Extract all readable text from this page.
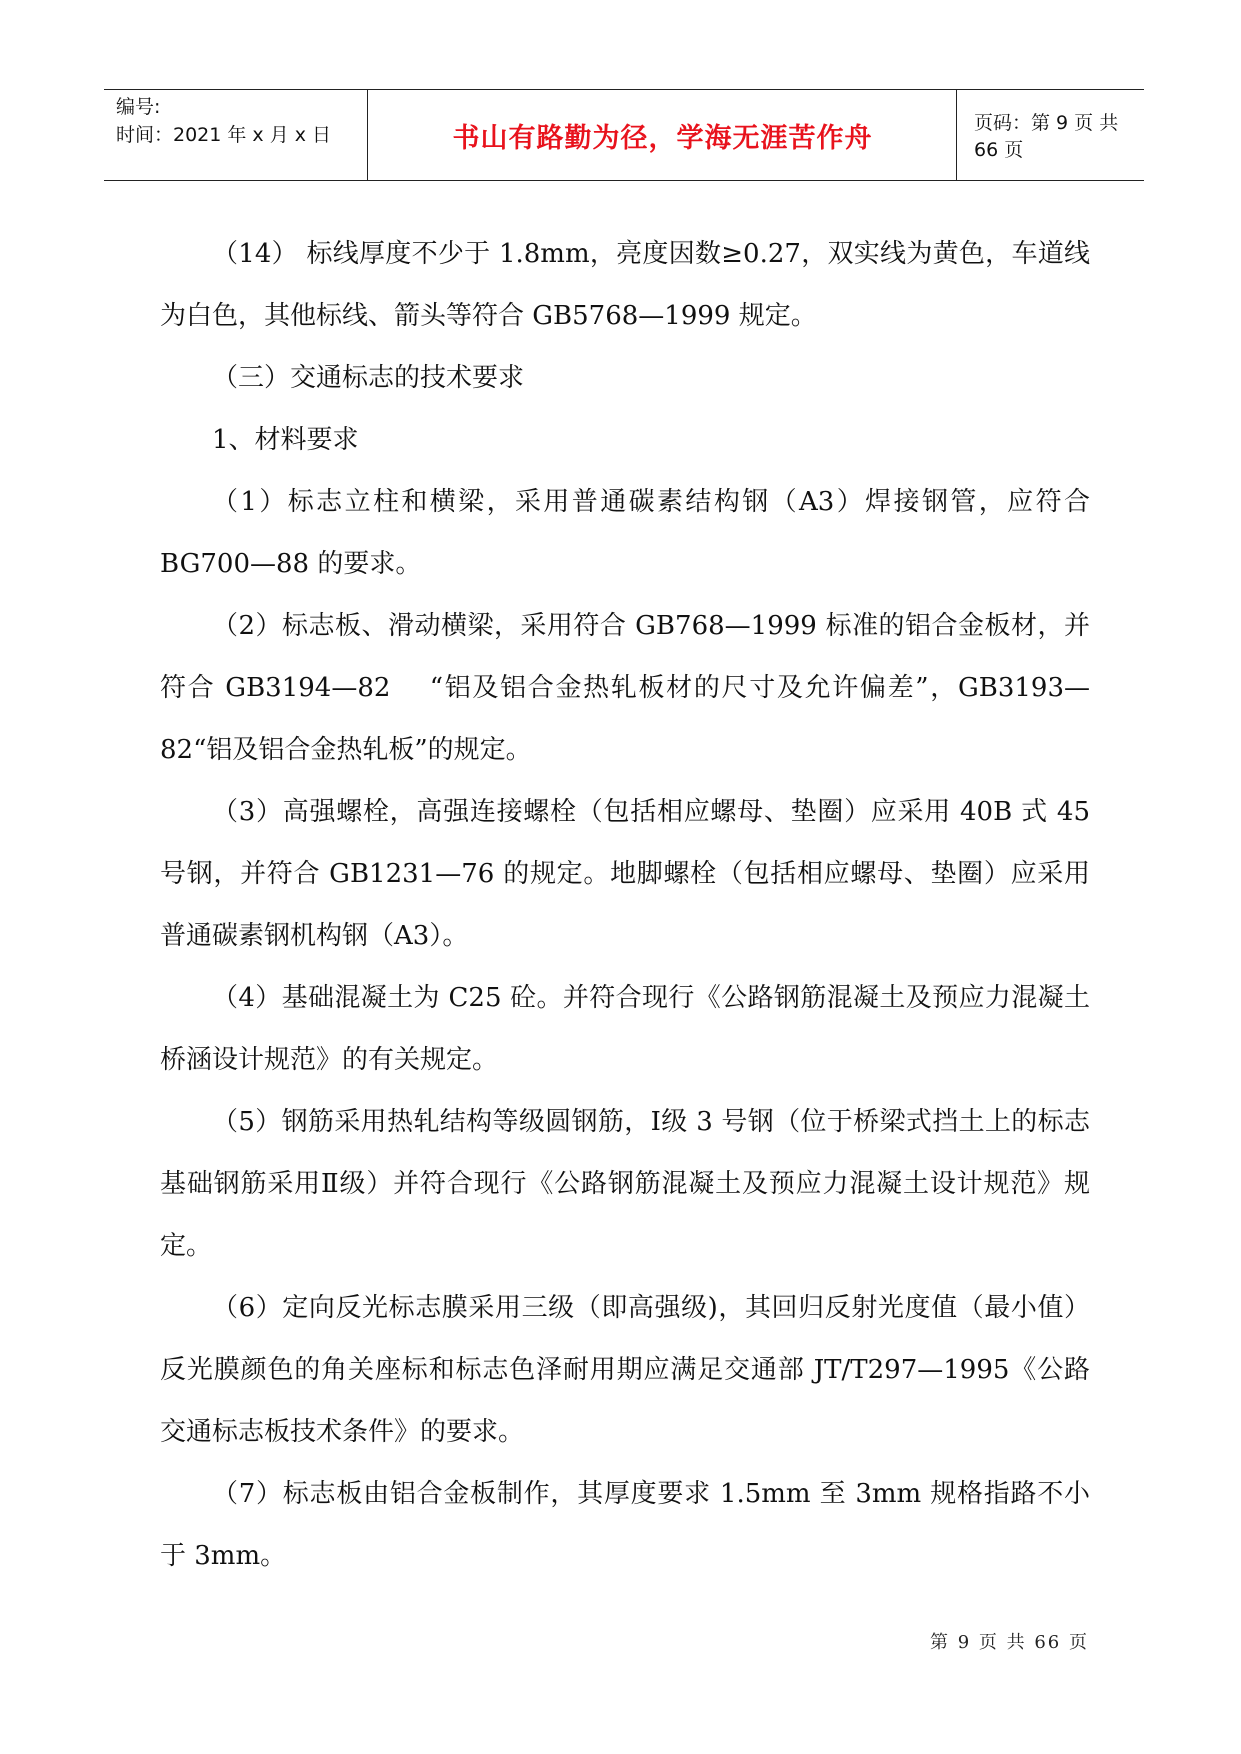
编号:
时间：2021 年 x 月 x 日	书山有路勤为径，学海无涯苦作舟	页码：第 9 页 共 66 页

（14） 标线厚度不少于 1.8mm，亮度因数≥0.27，双实线为黄色，车道线为白色，其他标线、箭头等符合 GB5768—1999 规定。

（三）交通标志的技术要求

1、材料要求

（1）标志立柱和横梁，采用普通碳素结构钢（A3）焊接钢管，应符合 BG700—88 的要求。

（2）标志板、滑动横梁，采用符合 GB768—1999 标准的铝合金板材，并符合 GB3194—82　 “铝及铝合金热轧板材的尺寸及允许偏差”，GB3193—82“铝及铝合金热轧板”的规定。

（3）高强螺栓，高强连接螺栓（包括相应螺母、垫圈）应采用 40B 式 45 号钢，并符合 GB1231—76 的规定。地脚螺栓（包括相应螺母、垫圈）应采用普通碳素钢机构钢（A3）。

（4）基础混凝土为 C25 砼。并符合现行《公路钢筋混凝土及预应力混凝土桥涵设计规范》的有关规定。

（5）钢筋采用热轧结构等级圆钢筋，Ⅰ级 3 号钢（位于桥梁式挡土上的标志基础钢筋采用Ⅱ级）并符合现行《公路钢筋混凝土及预应力混凝土设计规范》规定。

（6）定向反光标志膜采用三级（即高强级)，其回归反射光度值（最小值）反光膜颜色的角关座标和标志色泽耐用期应满足交通部 JT/T297—1995《公路交通标志板技术条件》的要求。

（7）标志板由铝合金板制作，其厚度要求 1.5mm 至 3mm 规格指路不小于 3mm。

第 9 页 共 66 页
